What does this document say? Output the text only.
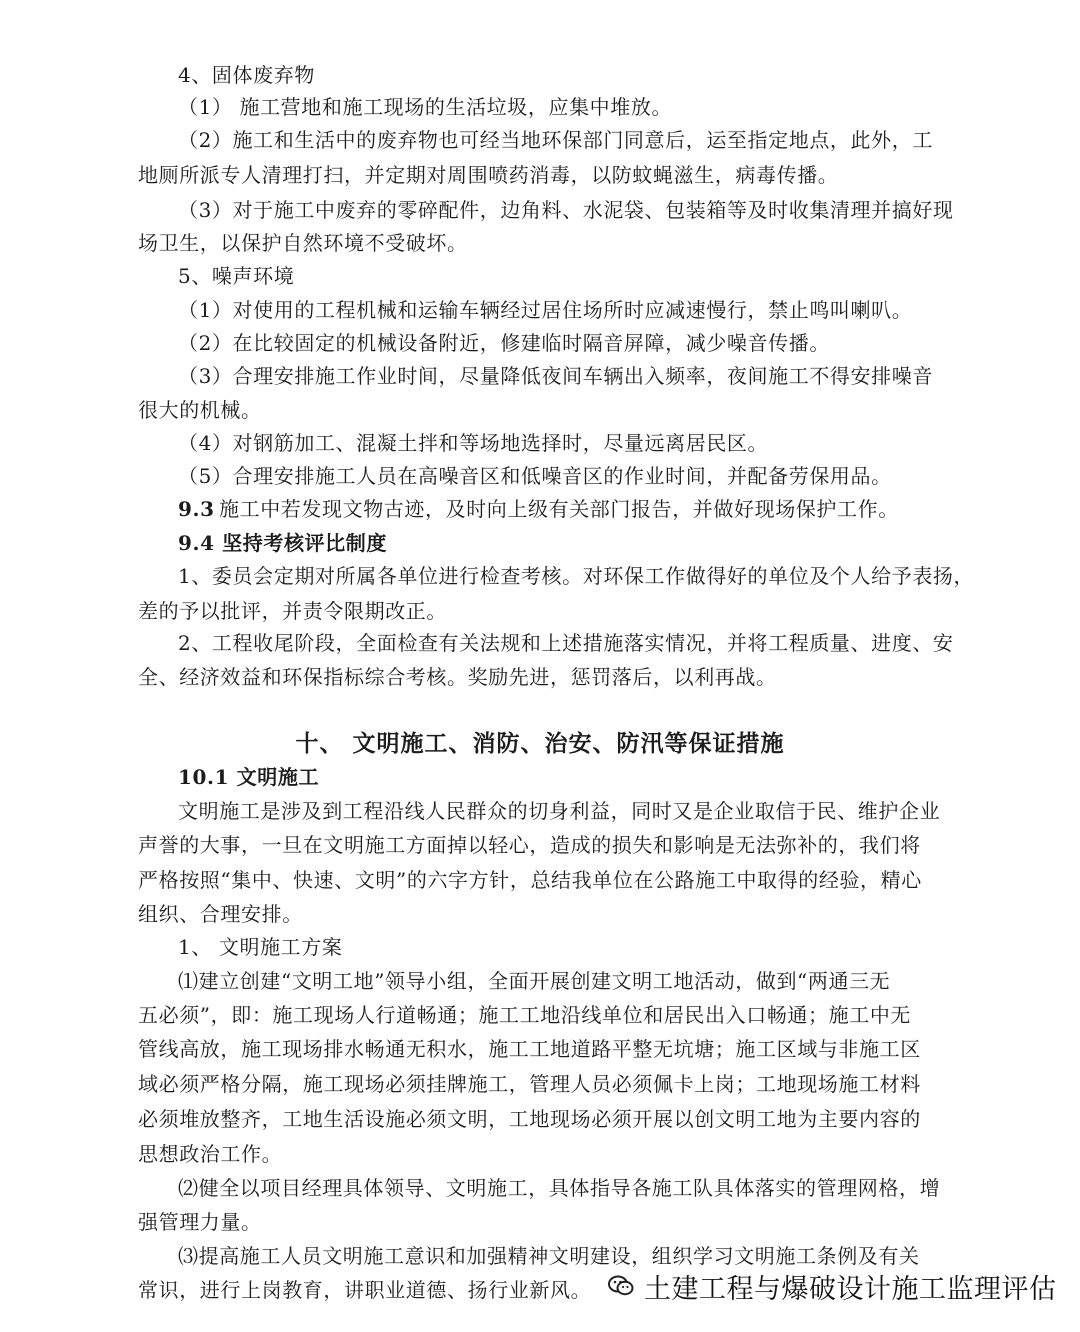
4、固体废弃物
（1） 施工营地和施工现场的生活垃圾，应集中堆放。
（2）施工和生活中的废弃物也可经当地环保部门同意后，运至指定地点，此外，工
地厕所派专人清理打扫，并定期对周围喷药消毒，以防蚊蝇滋生，病毒传播。
（3）对于施工中废弃的零碎配件，边角料、水泥袋、包装箱等及时收集清理并搞好现
场卫生，以保护自然环境不受破坏。
5、噪声环境
（1）对使用的工程机械和运输车辆经过居住场所时应减速慢行，禁止鸣叫喇叭。
（2）在比较固定的机械设备附近，修建临时隔音屏障，减少噪音传播。
（3）合理安排施工作业时间，尽量降低夜间车辆出入频率，夜间施工不得安排噪音
很大的机械。
（4）对钢筋加工、混凝土拌和等场地选择时，尽量远离居民区。
（5）合理安排施工人员在高噪音区和低噪音区的作业时间，并配备劳保用品。
9.3 施工中若发现文物古迹，及时向上级有关部门报告，并做好现场保护工作。
9.4 坚持考核评比制度
1、委员会定期对所属各单位进行检查考核。对环保工作做得好的单位及个人给予表扬，
差的予以批评，并责令限期改正。
2、工程收尾阶段，全面检查有关法规和上述措施落实情况，并将工程质量、进度、安
全、经济效益和环保指标综合考核。奖励先进，惩罚落后，以利再战。
十、 文明施工、消防、治安、防汛等保证措施
10.1 文明施工
文明施工是涉及到工程沿线人民群众的切身利益，同时又是企业取信于民、维护企业
声誉的大事，一旦在文明施工方面掉以轻心，造成的损失和影响是无法弥补的，我们将
严格按照“集中、快速、文明”的六字方针，总结我单位在公路施工中取得的经验，精心
组织、合理安排。
1、 文明施工方案
⑴建立创建“文明工地”领导小组，全面开展创建文明工地活动，做到“两通三无
五必须”，即：施工现场人行道畅通；施工工地沿线单位和居民出入口畅通；施工中无
管线高放，施工现场排水畅通无积水，施工工地道路平整无坑塘；施工区域与非施工区
域必须严格分隔，施工现场必须挂牌施工，管理人员必须佩卡上岗；工地现场施工材料
必须堆放整齐，工地生活设施必须文明，工地现场必须开展以创文明工地为主要内容的
思想政治工作。
⑵健全以项目经理具体领导、文明施工，具体指导各施工队具体落实的管理网格，增
强管理力量。
⑶提高施工人员文明施工意识和加强精神文明建设，组织学习文明施工条例及有关
常识，进行上岗教育，讲职业道德、扬行业新风。 土建工程与爆破设计施工监理评估
